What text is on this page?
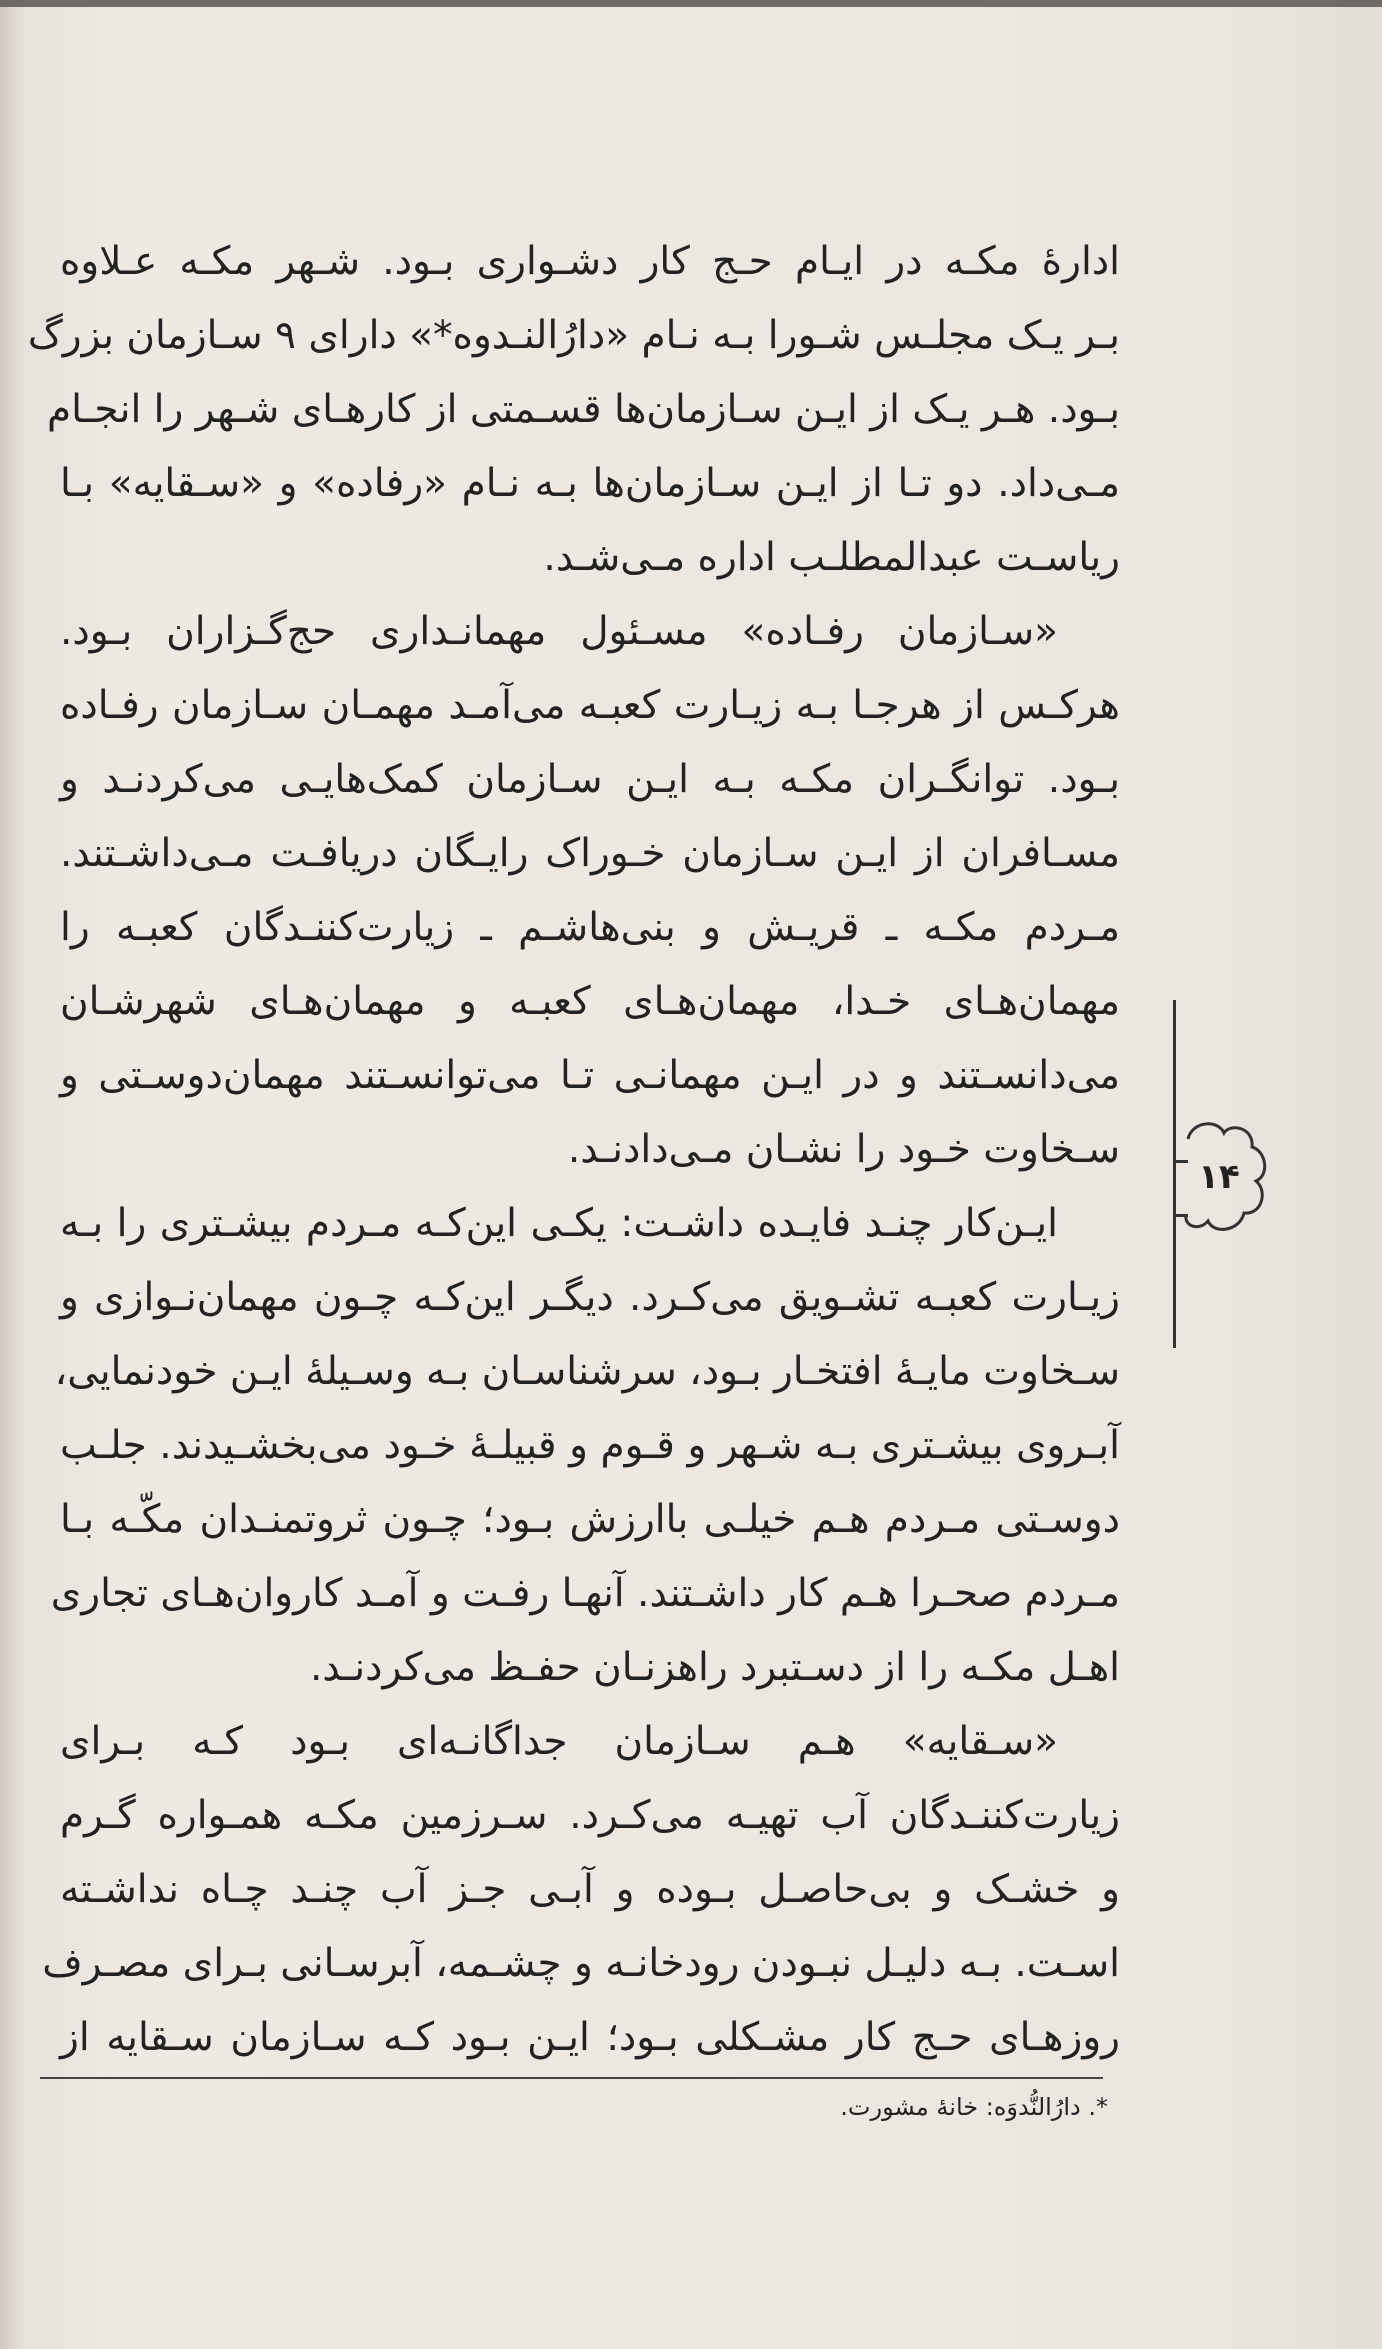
ادارهٔ مکـه در ایـام حـج کار دشـواری بـود. شـهر مکـه عـلاوه
بـر یـک مجلـس شـورا بـه نـام «دارُالنـدوه*» دارای ۹ سـازمان بزرگ
بـود. هـر یـک از ایـن سـازمان‌ها قسـمتی از کارهـای شـهر را انجـام
مـی‌داد. دو تـا از ایـن سـازمان‌ها بـه نـام «رفاده» و «سـقایه» بـا
ریاسـت عبدالمطلـب اداره مـی‌شـد.
«سـازمان رفـاده» مسـئول مهمانـداری حج‌گـزاران بـود.
هرکـس از هرجـا بـه زیـارت کعبـه می‌آمـد مهمـان سـازمان رفـاده
بـود. توانگـران مکـه بـه ایـن سـازمان کمک‌هایـی می‌کردنـد و
مسـافران از ایـن سـازمان خـوراک رایـگان دریافـت مـی‌داشـتند.
مـردم مکـه ـ قریـش و بنی‌هاشـم ـ زیارت‌کننـدگان کعبـه را
مهمان‌هـای خـدا، مهمان‌هـای کعبـه و مهمان‌هـای شهرشـان
می‌دانسـتند و در ایـن مهمانـی تـا می‌توانسـتند مهمان‌دوسـتی و
سـخاوت خـود را نشـان مـی‌دادنـد.
ایـن‌کار چنـد فایـده داشـت: یکـی این‌کـه مـردم بیشـتری را بـه
زیـارت کعبـه تشـویق می‌کـرد. دیگـر این‌کـه چـون مهمان‌نـوازی و
سـخاوت مایـهٔ افتخـار بـود، سرشناسـان بـه وسـیلهٔ ایـن خودنمایی،
آبـروی بیشـتری بـه شـهر و قـوم و قبیلـهٔ خـود می‌بخشـیدند. جلـب
دوسـتی مـردم هـم خیلـی باارزش بـود؛ چـون ثروتمنـدان مکّـه بـا
مـردم صحـرا هـم کار داشـتند. آنهـا رفـت و آمـد کاروان‌هـای تجاری
اهـل مکـه را از دسـتبرد راهزنـان حفـظ می‌کردنـد.
«سـقایه» هـم سـازمان جداگانـه‌ای بـود کـه بـرای
زیارت‌کننـدگان آب تهیـه می‌کـرد. سـرزمین مکـه همـواره گـرم
و خشـک و بی‌حاصـل بـوده و آبـی جـز آب چنـد چـاه نداشـته
اسـت. بـه دلیـل نبـودن رودخانـه و چشـمه، آبرسـانی بـرای مصـرف
روزهـای حـج کار مشـکلی بـود؛ ایـن بـود کـه سـازمان سـقایه از
*. دارُالنُّدوَه: خانهٔ مشورت.
۱۴
